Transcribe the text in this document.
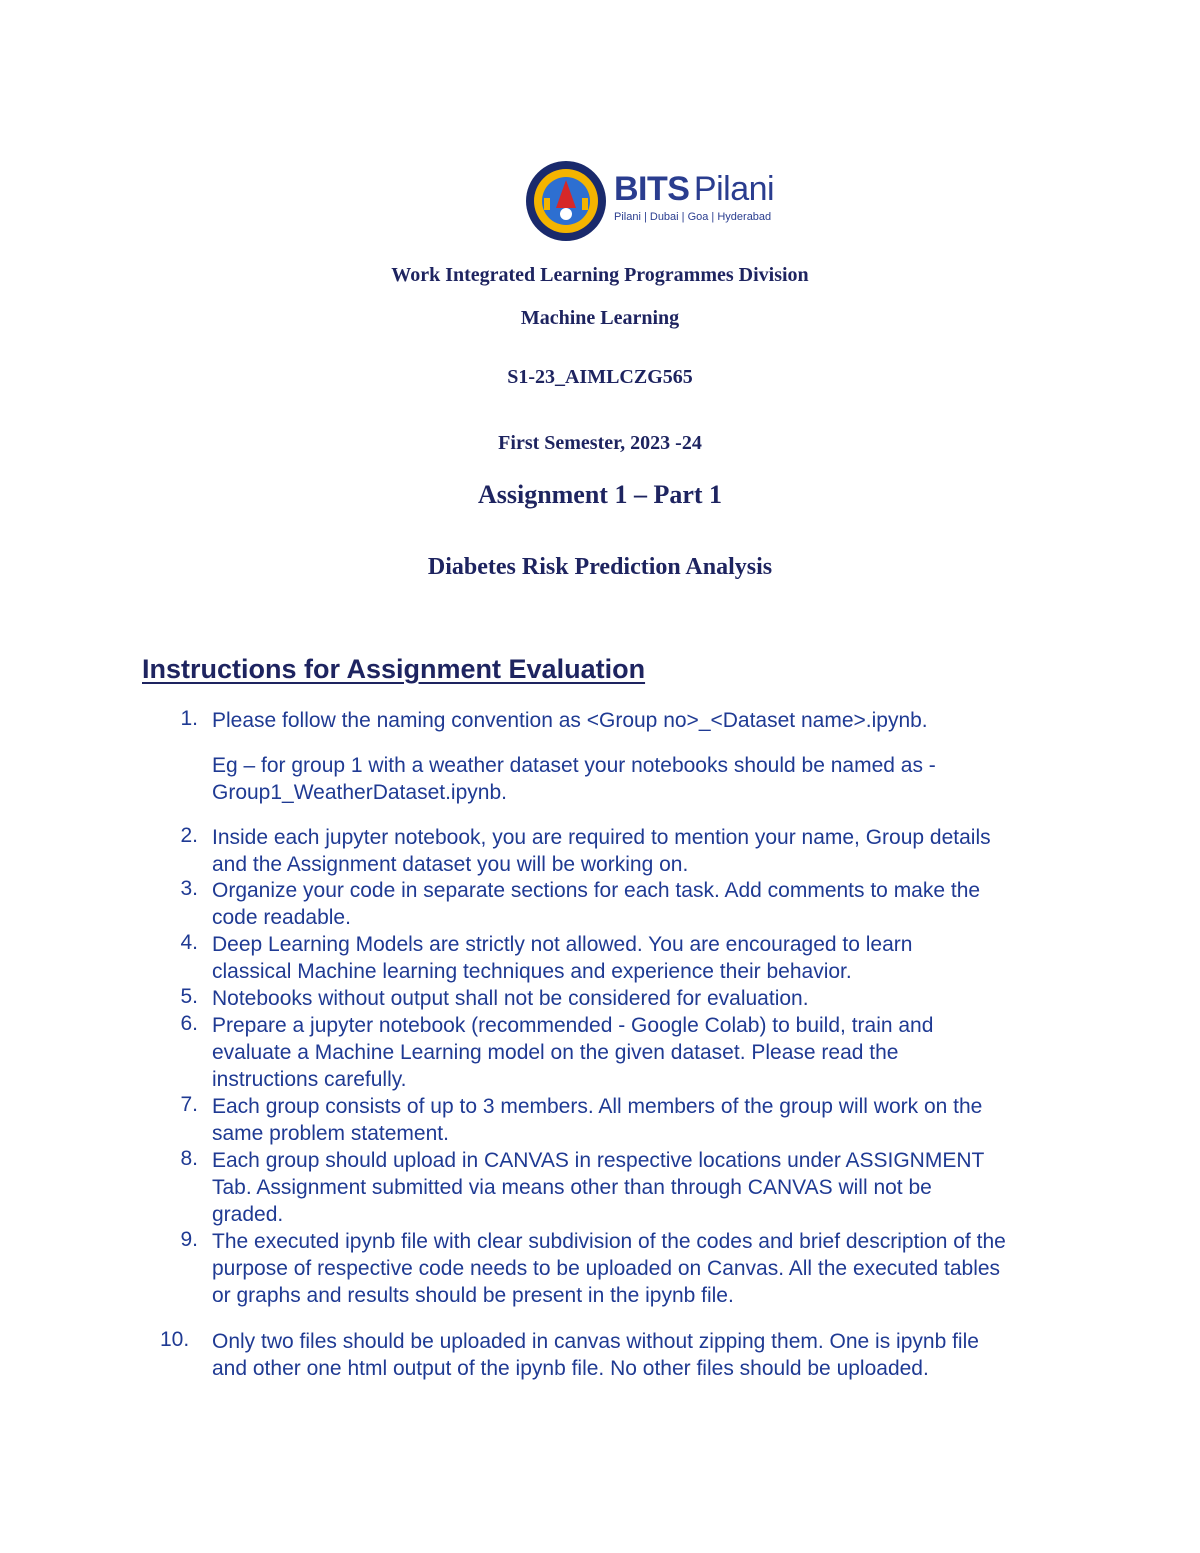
BITS Pilani
Pilani | Dubai | Goa | Hyderabad
Work Integrated Learning Programmes Division
Machine Learning
S1-23_AIMLCZG565
First Semester, 2023 -24
Assignment 1 – Part 1
Diabetes Risk Prediction Analysis
Instructions for Assignment Evaluation
1. Please follow the naming convention as <Group no>_<Dataset name>.ipynb.
Eg – for group 1 with a weather dataset your notebooks should be named as -
Group1_WeatherDataset.ipynb.
2. Inside each jupyter notebook, you are required to mention your name, Group details
and the Assignment dataset you will be working on.
3. Organize your code in separate sections for each task. Add comments to make the
code readable.
4. Deep Learning Models are strictly not allowed. You are encouraged to learn
classical Machine learning techniques and experience their behavior.
5. Notebooks without output shall not be considered for evaluation.
6. Prepare a jupyter notebook (recommended - Google Colab) to build, train and
evaluate a Machine Learning model on the given dataset. Please read the
instructions carefully.
7. Each group consists of up to 3 members. All members of the group will work on the
same problem statement.
8. Each group should upload in CANVAS in respective locations under ASSIGNMENT
Tab. Assignment submitted via means other than through CANVAS will not be
graded.
9. The executed ipynb file with clear subdivision of the codes and brief description of the
purpose of respective code needs to be uploaded on Canvas. All the executed tables
or graphs and results should be present in the ipynb file.
10.	Only two files should be uploaded in canvas without zipping them. One is ipynb file
and other one html output of the ipynb file. No other files should be uploaded.
